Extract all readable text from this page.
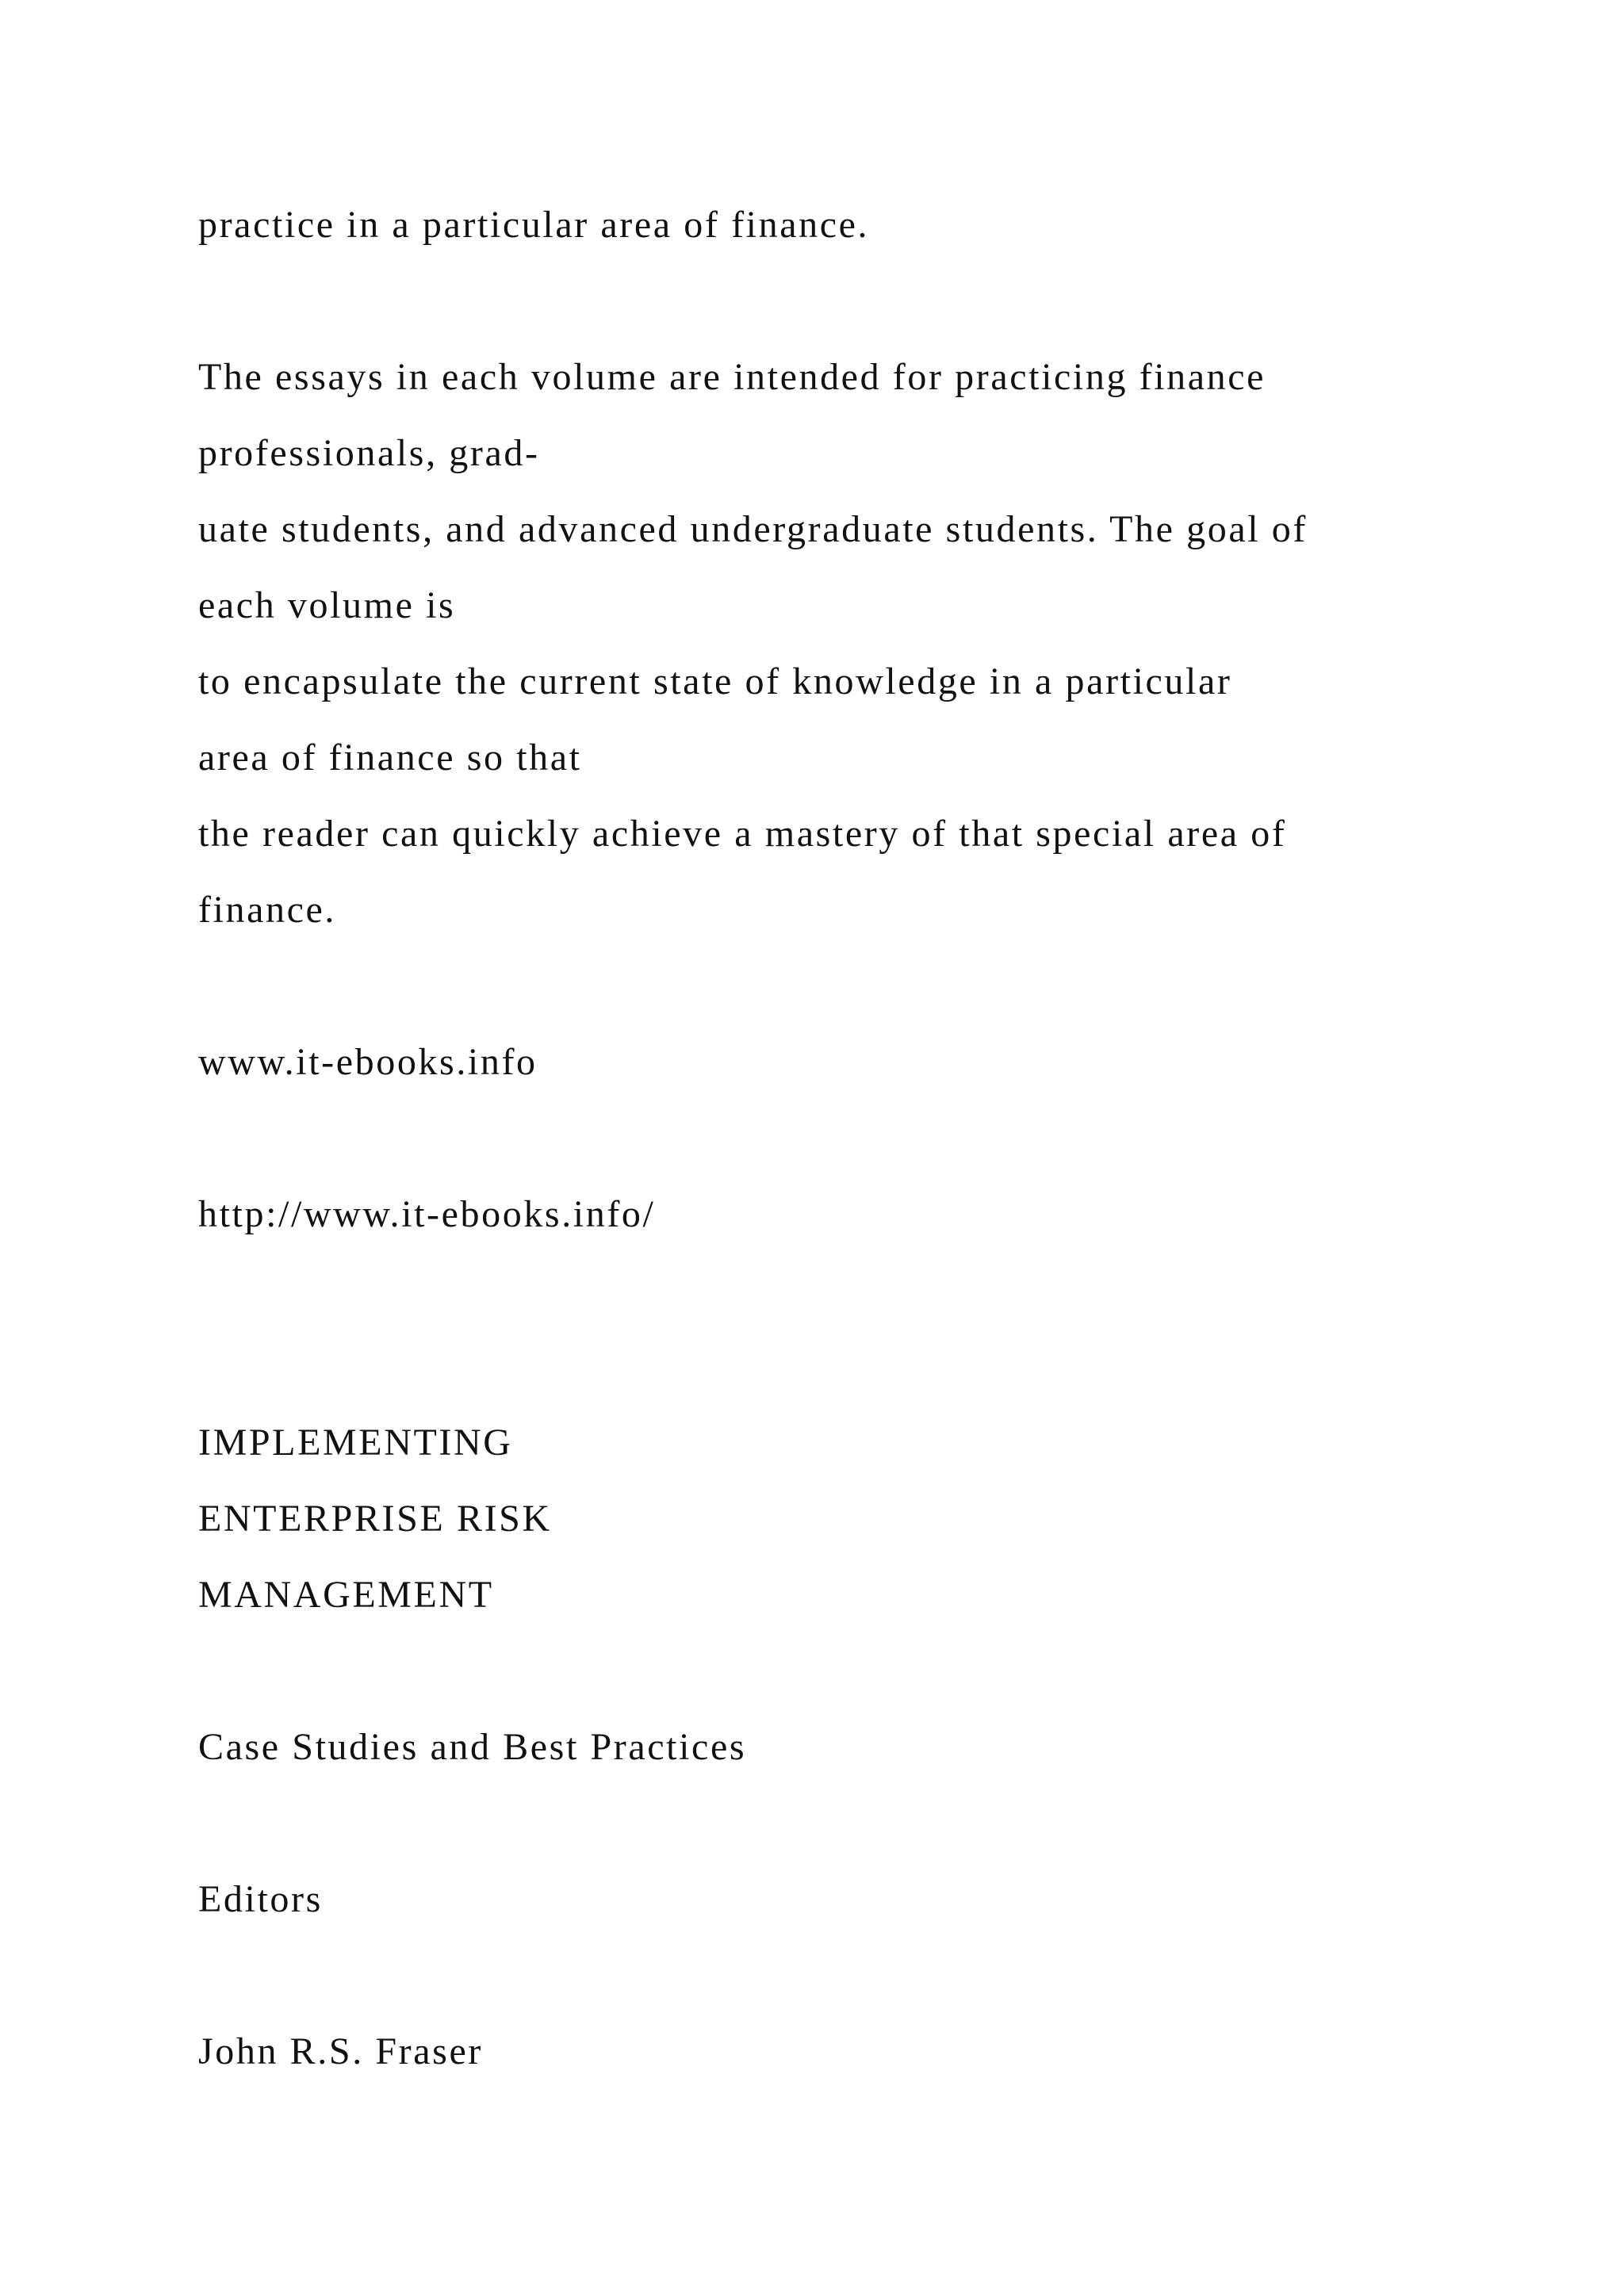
practice in a particular area of finance.
The essays in each volume are intended for practicing finance
professionals, grad-
uate students, and advanced undergraduate students. The goal of
each volume is
to encapsulate the current state of knowledge in a particular
area of finance so that
the reader can quickly achieve a mastery of that special area of
finance.
www.it-ebooks.info
http://www.it-ebooks.info/
IMPLEMENTING
ENTERPRISE RISK
MANAGEMENT
Case Studies and Best Practices
Editors
John R.S. Fraser
